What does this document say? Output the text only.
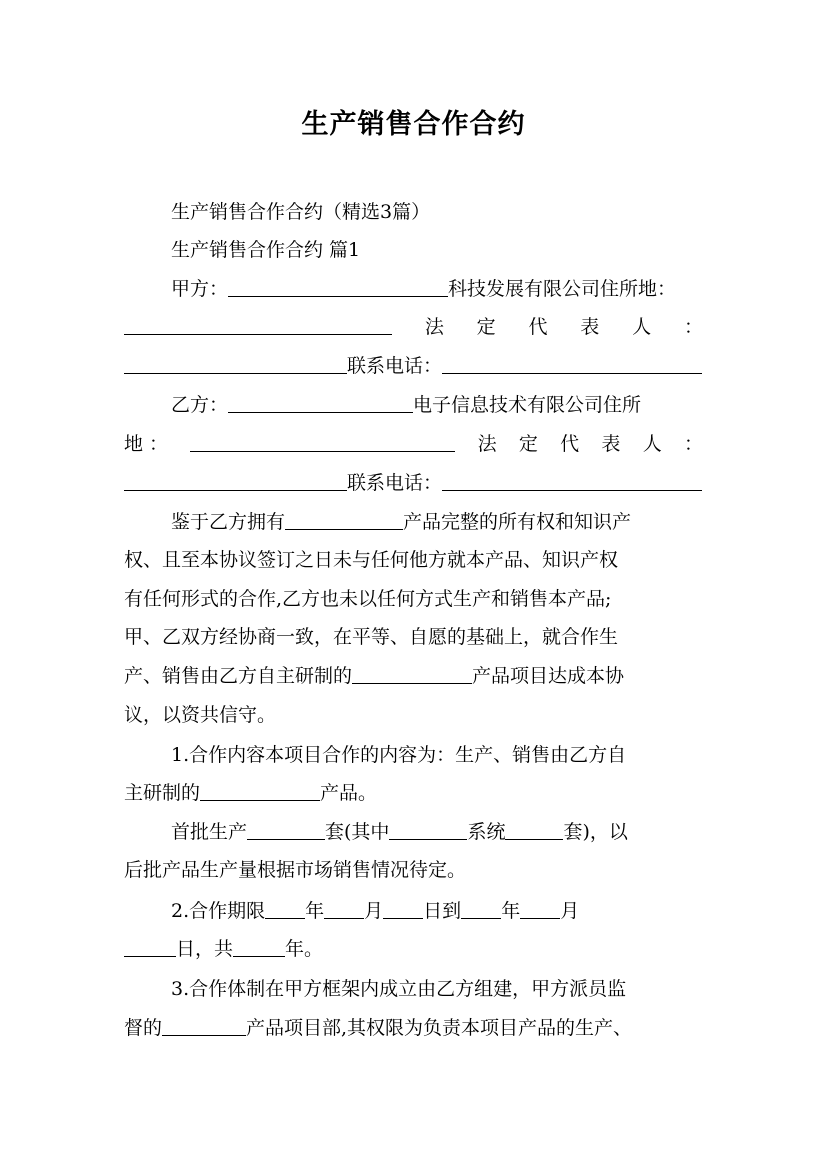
生产销售合作合约
生产销售合作合约（精选3篇）
生产销售合作合约 篇1
甲方：	科技发展有限公司住所地：
法 定 代 表 人 ：
联系电话：
乙方：	电子信息技术有限公司住所
地 ：	法 定 代 表 人 ：
联系电话：
鉴于乙方拥有	产品完整的所有权和知识产
权、且至本协议签订之日未与任何他方就本产品、知识产权
有任何形式的合作,乙方也未以任何方式生产和销售本产品;
甲、乙双方经协商一致，在平等、自愿的基础上，就合作生
产、销售由乙方自主研制的	产品项目达成本协
议，以资共信守。
1.合作内容本项目合作的内容为：生产、销售由乙方自
主研制的	产品。
首批生产	套(其中	系统	套)，以
后批产品生产量根据市场销售情况待定。
2.合作期限 年 月 日到 年 月
日，共	年。
3.合作体制在甲方框架内成立由乙方组建，甲方派员监
督的	产品项目部,其权限为负责本项目产品的生产、
